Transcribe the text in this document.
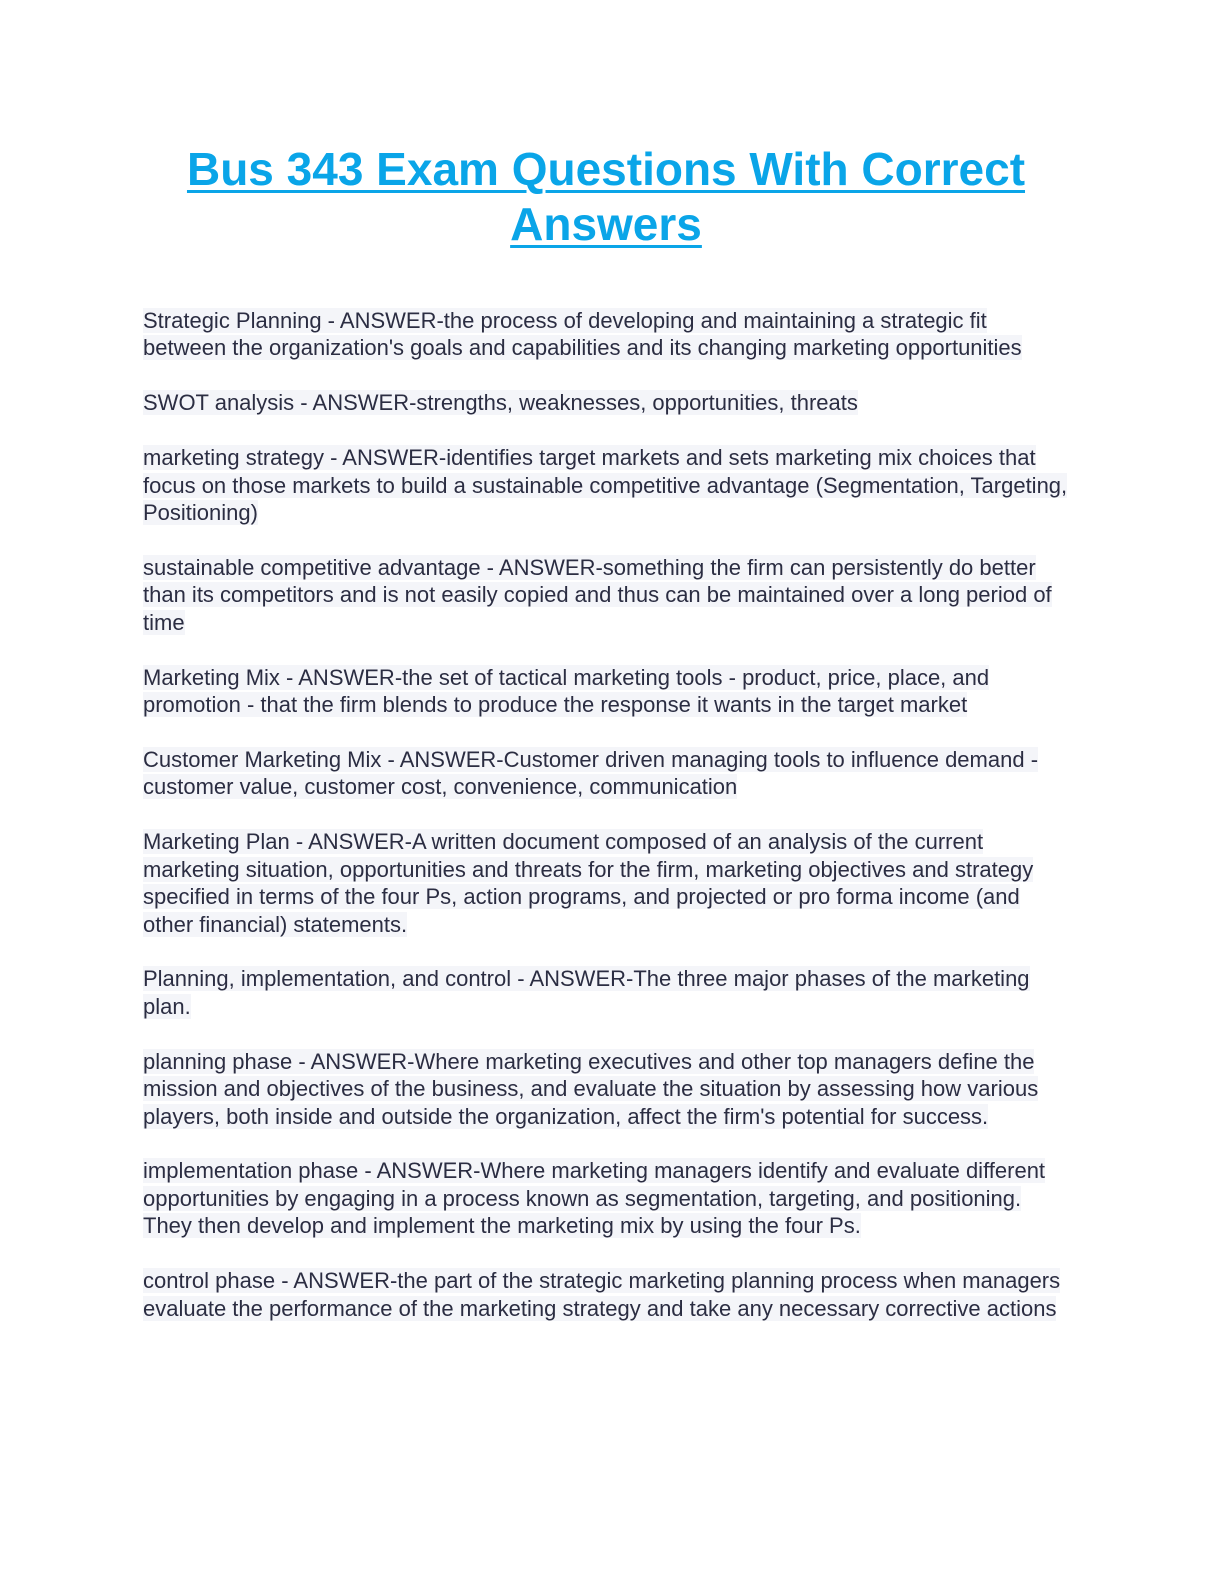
Bus 343 Exam Questions With Correct Answers

Strategic Planning - ANSWER-the process of developing and maintaining a strategic fit between the organization's goals and capabilities and its changing marketing opportunities

SWOT analysis - ANSWER-strengths, weaknesses, opportunities, threats

marketing strategy - ANSWER-identifies target markets and sets marketing mix choices that focus on those markets to build a sustainable competitive advantage (Segmentation, Targeting, Positioning)

sustainable competitive advantage - ANSWER-something the firm can persistently do better than its competitors and is not easily copied and thus can be maintained over a long period of time

Marketing Mix - ANSWER-the set of tactical marketing tools - product, price, place, and promotion - that the firm blends to produce the response it wants in the target market

Customer Marketing Mix - ANSWER-Customer driven managing tools to influence demand - customer value, customer cost, convenience, communication

Marketing Plan - ANSWER-A written document composed of an analysis of the current marketing situation, opportunities and threats for the firm, marketing objectives and strategy specified in terms of the four Ps, action programs, and projected or pro forma income (and other financial) statements.

Planning, implementation, and control - ANSWER-The three major phases of the marketing plan.

planning phase - ANSWER-Where marketing executives and other top managers define the mission and objectives of the business, and evaluate the situation by assessing how various players, both inside and outside the organization, affect the firm's potential for success.

implementation phase - ANSWER-Where marketing managers identify and evaluate different opportunities by engaging in a process known as segmentation, targeting, and positioning. They then develop and implement the marketing mix by using the four Ps.

control phase - ANSWER-the part of the strategic marketing planning process when managers evaluate the performance of the marketing strategy and take any necessary corrective actions
